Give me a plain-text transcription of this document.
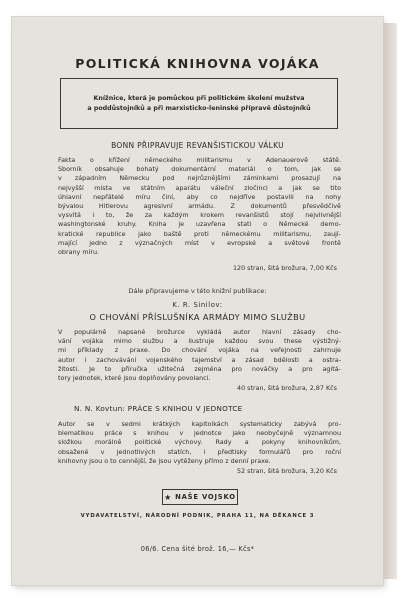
POLITICKÁ KNIHOVNA VOJÁKA
Knížnice, která je pomůckou při politickém školení mužstva
a poddůstojníků a při marxisticko-leninské přípravě důstojníků
BONN PŘIPRAVUJE REVANŠISTICKOU VÁLKU
Fakta o křížení německého militarismu v Adenauerově státě.
Sborník obsahuje bohatý dokumentární materiál o tom, jak se
v západním Německu pod nejrůznějšími záminkami prosazují na
nejvyšší místa ve státním aparátu váleční zločinci a jak se tito
úhlavní nepřátelé míru činí, aby co nejdříve postavili na nohy
bývalou Hitlerovu agresivní armádu. Z dokumentů přesvědčivě
vysvítá i to, že za každým krokem revanšistů stojí nejvlivnější
washingtonské kruhy. Kniha je uzavřena stati o Německé demo-
kratické republice jako baště proti německému militarismu, zaují-
mající jedno z význačných míst v evropské a světové frontě
obrany míru.
120 stran, šitá brožura, 7,00 Kčs
Dále připravujeme v této knižní publikace:
K. R. Sinilov:
O CHOVÁNÍ PŘÍSLUŠNÍKA ARMÁDY MIMO SLUŽBU
V populárně napsané brožurce vykládá autor hlavní zásady cho-
vání vojáka mimo službu a ilustruje každou svou these výstižný-
mi příklady z praxe. Do chování vojáka na veřejnosti zahrnuje
autor i zachovávání vojenského tajemství a zásad bdělosti a ostra-
žitosti. Je to příručka užitečná zejména pro nováčky a pro agitá-
tory jednotek, které jsou doplňovány povolanci.
40 stran, šitá brožura, 2,87 Kčs
N. N. Kovtun: PRÁCE S KNIHOU V JEDNOTCE
Autor se v sedmi krátkých kapitolkách systematicky zabývá pro-
blematikou práce s knihou v jednotce jako neobyčejně významnou
složkou morálně politické výchovy. Rady a pokyny knihovníkům,
obsažené v jednotlivých statích, i předtisky formulářů pro roční
knihovny jsou o to cennější, že jsou vytěženy přímo z denní praxe.
52 stran, šitá brožura, 3,20 Kčs
★ NAŠE VOJSKO
VYDAVATELSTVÍ, NÁRODNÍ PODNIK, PRAHA 11, NA DĚKANCE 3
06/6. Cena šité brož. 16,— Kčs*
